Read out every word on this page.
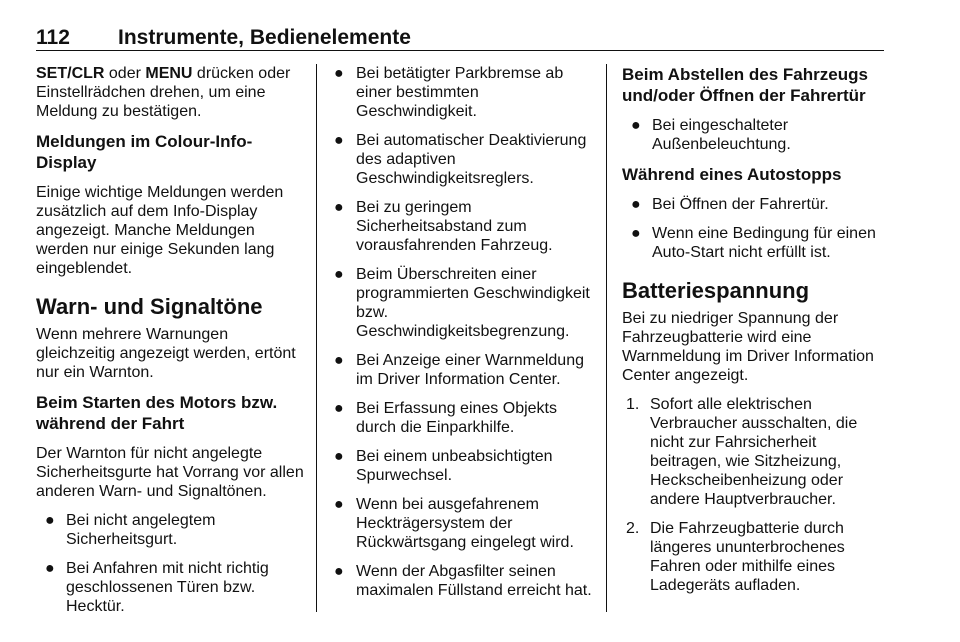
112 Instrumente, Bedienelemente

SET/CLR oder MENU drücken oder Einstellrädchen drehen, um eine Meldung zu bestätigen.

Meldungen im Colour-Info-Display

Einige wichtige Meldungen werden zusätzlich auf dem Info-Display angezeigt. Manche Meldungen werden nur einige Sekunden lang eingeblendet.

Warn- und Signaltöne

Wenn mehrere Warnungen gleichzeitig angezeigt werden, ertönt nur ein Warnton.

Beim Starten des Motors bzw. während der Fahrt

Der Warnton für nicht angelegte Sicherheitsgurte hat Vorrang vor allen anderen Warn- und Signaltönen.

● Bei nicht angelegtem Sicherheitsgurt.
● Bei Anfahren mit nicht richtig geschlossenen Türen bzw. Hecktür.
● Bei betätigter Parkbremse ab einer bestimmten Geschwindigkeit.
● Bei automatischer Deaktivierung des adaptiven Geschwindigkeitsreglers.
● Bei zu geringem Sicherheitsabstand zum vorausfahrenden Fahrzeug.
● Beim Überschreiten einer programmierten Geschwindigkeit bzw. Geschwindigkeitsbegrenzung.
● Bei Anzeige einer Warnmeldung im Driver Information Center.
● Bei Erfassung eines Objekts durch die Einparkhilfe.
● Bei einem unbeabsichtigten Spurwechsel.
● Wenn bei ausgefahrenem Heckträgersystem der Rückwärtsgang eingelegt wird.
● Wenn der Abgasfilter seinen maximalen Füllstand erreicht hat.
Beim Abstellen des Fahrzeugs und/oder Öffnen der Fahrertür
● Bei eingeschalteter Außenbeleuchtung.
Während eines Autostopps
● Bei Öffnen der Fahrertür.
● Wenn eine Bedingung für einen Auto-Start nicht erfüllt ist.
Batteriespannung

Bei zu niedriger Spannung der Fahrzeugbatterie wird eine Warnmeldung im Driver Information Center angezeigt.

1. Sofort alle elektrischen Verbraucher ausschalten, die nicht zur Fahrsicherheit beitragen, wie Sitzheizung, Heckscheibenheizung oder andere Hauptverbraucher.
2. Die Fahrzeugbatterie durch längeres ununterbrochenes Fahren oder mithilfe eines Ladegeräts aufladen.
